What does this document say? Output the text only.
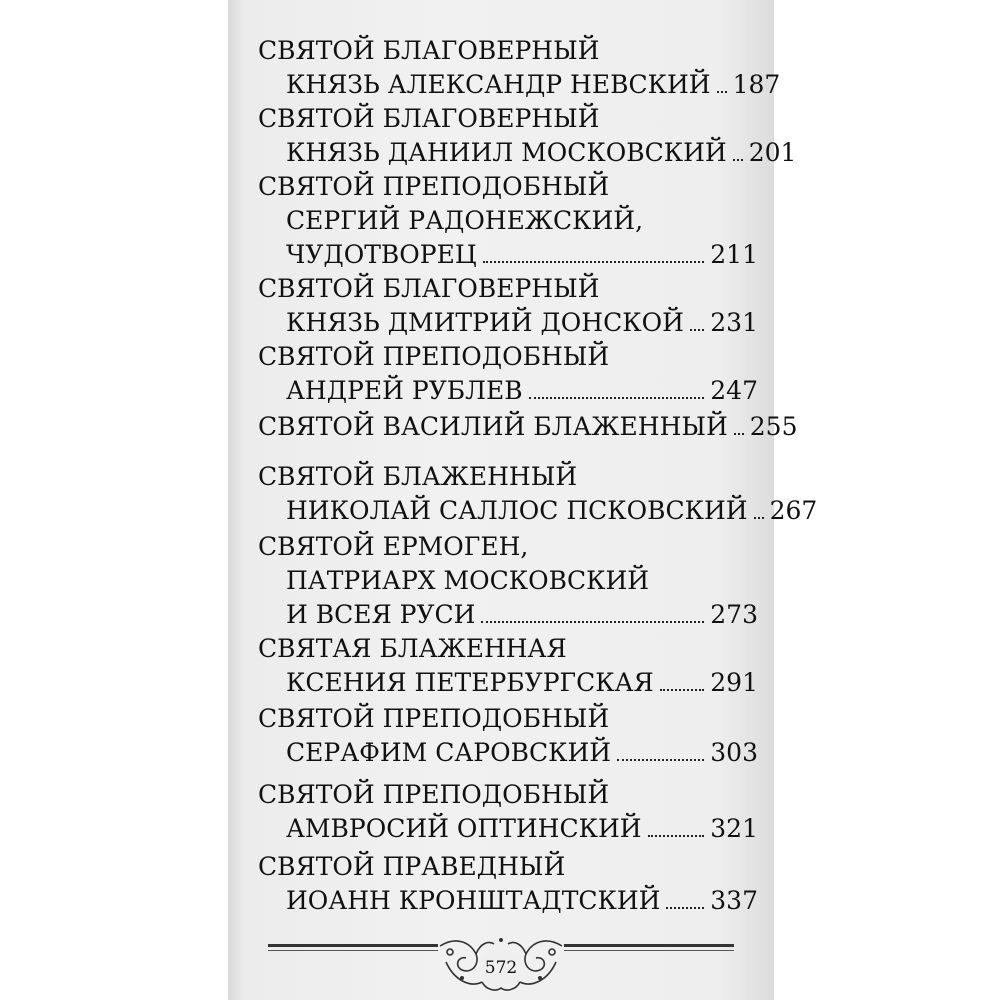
СВЯТОЙ БЛАГОВЕРНЫЙ
КНЯЗЬ АЛЕКСАНДР НЕВСКИЙ 187
СВЯТОЙ БЛАГОВЕРНЫЙ
КНЯЗЬ ДАНИИЛ МОСКОВСКИЙ 201
СВЯТОЙ ПРЕПОДОБНЫЙ
СЕРГИЙ РАДОНЕЖСКИЙ,
ЧУДОТВОРЕЦ	211
СВЯТОЙ БЛАГОВЕРНЫЙ
КНЯЗЬ ДМИТРИЙ ДОНСКОЙ 231
СВЯТОЙ ПРЕПОДОБНЫЙ
АНДРЕЙ РУБЛЕВ	247
СВЯТОЙ ВАСИЛИЙ БЛАЖЕННЫЙ 255
СВЯТОЙ БЛАЖЕННЫЙ
НИКОЛАЙ САЛЛОС ПСКОВСКИЙ 267
СВЯТОЙ ЕРМОГЕН,
ПАТРИАРХ МОСКОВСКИЙ
И ВСЕЯ РУСИ	273
СВЯТАЯ БЛАЖЕННАЯ
КСЕНИЯ ПЕТЕРБУРГСКАЯ 291
СВЯТОЙ ПРЕПОДОБНЫЙ
СЕРАФИМ САРОВСКИЙ	303
СВЯТОЙ ПРЕПОДОБНЫЙ
АМВРОСИЙ ОПТИНСКИЙ	321
СВЯТОЙ ПРАВЕДНЫЙ
ИОАНН КРОНШТАДТСКИЙ 337
572
